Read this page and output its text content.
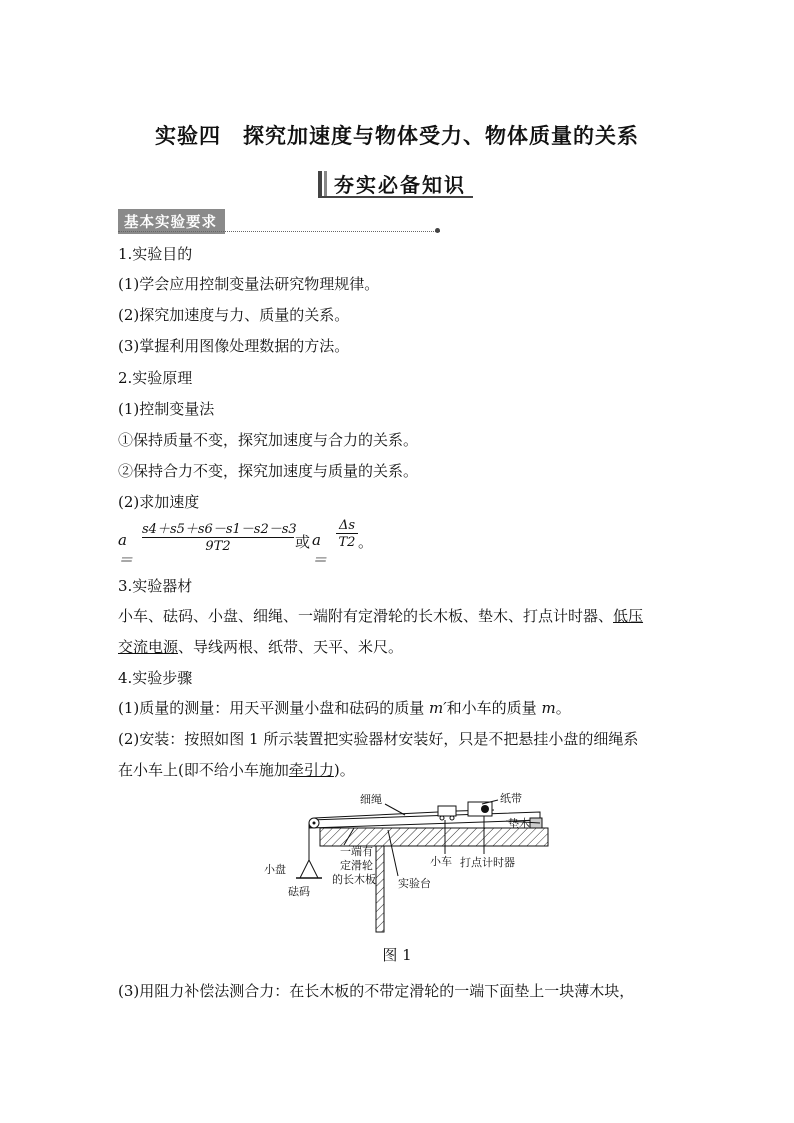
实验四　探究加速度与物体受力、物体质量的关系
夯实必备知识
基本实验要求
1.实验目的
(1)学会应用控制变量法研究物理规律。
(2)探究加速度与力、质量的关系。
(3)掌握利用图像处理数据的方法。
2.实验原理
(1)控制变量法
①保持质量不变，探究加速度与合力的关系。
②保持合力不变，探究加速度与质量的关系。
(2)求加速度
a＝
$\frac{s4+s5+s6-s1-s2-s3}{9T2}$ 或 a＝
$\frac{\Delta s}{T2}$ 。
3.实验器材
小车、砝码、小盘、细绳、一端附有定滑轮的长木板、垫木、打点计时器、低压
交流电源、导线两根、纸带、天平、米尺。
4.实验步骤
(1)质量的测量：用天平测量小盘和砝码的质量 m′和小车的质量 m。
(2)安装：按照如图 1 所示装置把实验器材安装好，只是不把悬挂小盘的细绳系
在小车上(即不给小车施加牵引力)。
细绳	纸带
垫木
小盘
砝码
一端有
定滑轮
的长木板
小车 打点计时器
实验台
图 1
(3)用阻力补偿法测合力：在长木板的不带定滑轮的一端下面垫上一块薄木块，
